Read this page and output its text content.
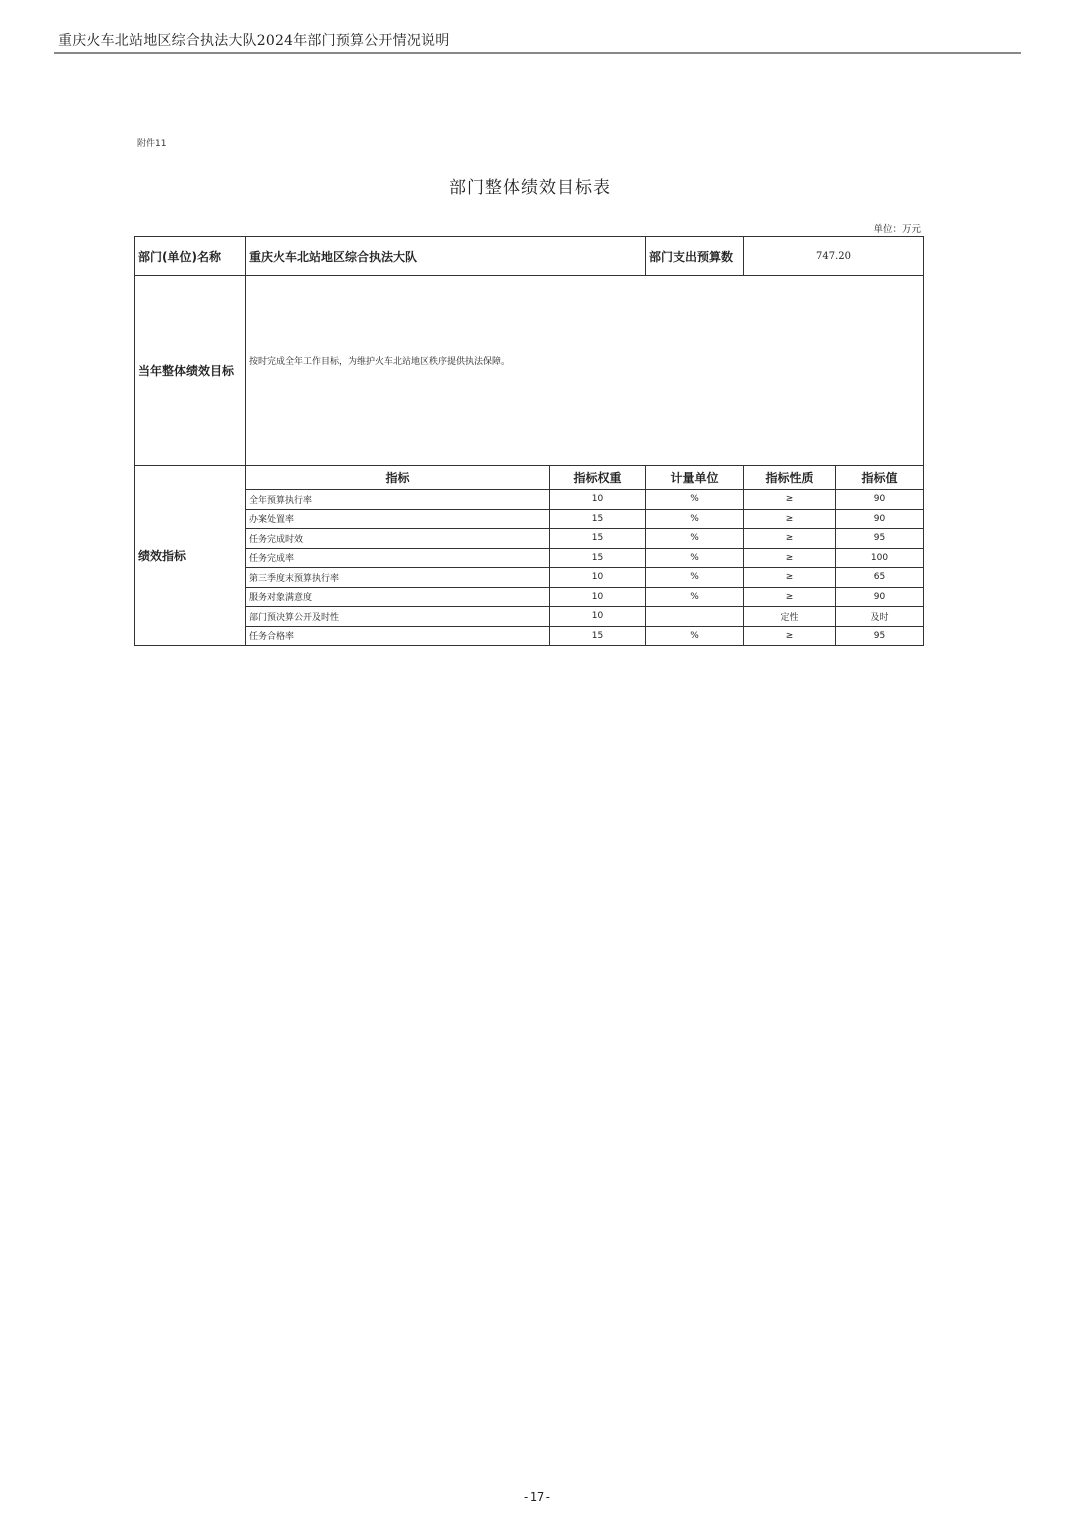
重庆火车北站地区综合执法大队2024年部门预算公开情况说明
附件11
部门整体绩效目标表
单位：万元
部门(单位)名称	重庆火车北站地区综合执法大队		部门支出预算数	747.20	
当年整体绩效目标	按时完成全年工作目标，为维护火车北站地区秩序提供执法保障。				
绩效指标	指标	指标权重	计量单位	指标性质	指标值
	全年预算执行率	10	%	≥	90
	办案处置率	15	%	≥	90
	任务完成时效	15	%	≥	95
	任务完成率	15	%	≥	100
	第三季度末预算执行率	10	%	≥	65
	服务对象满意度	10	%	≥	90
	部门预决算公开及时性	10		定性	及时
	任务合格率	15	%	≥	95
-17-
